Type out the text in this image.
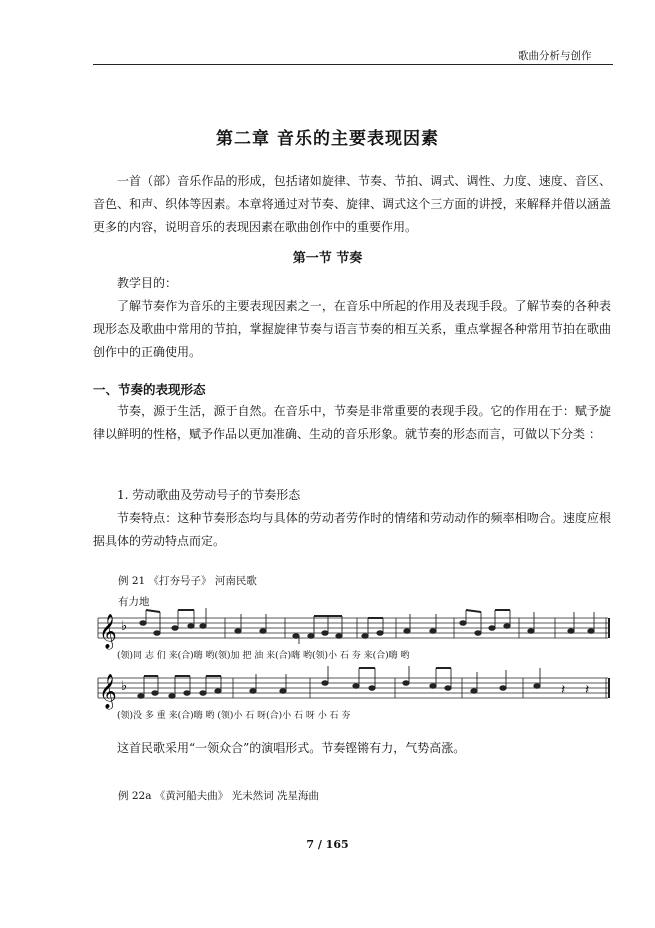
歌曲分析与创作
第二章 音乐的主要表现因素
一首（部）音乐作品的形成，包括诸如旋律、节奏、节拍、调式、调性、力度、速度、音区、音色、和声、织体等因素。本章将通过对节奏、旋律、调式这个三方面的讲授，来解释并借以涵盖更多的内容，说明音乐的表现因素在歌曲创作中的重要作用。
第一节 节奏
教学目的：
了解节奏作为音乐的主要表现因素之一，在音乐中所起的作用及表现手段。了解节奏的各种表现形态及歌曲中常用的节拍，掌握旋律节奏与语言节奏的相互关系，重点掌握各种常用节拍在歌曲创作中的正确使用。
一、节奏的表现形态
节奏，源于生活，源于自然。在音乐中，节奏是非常重要的表现手段。它的作用在于：赋予旋律以鲜明的性格，赋予作品以更加准确、生动的音乐形象。就节奏的形态而言，可做以下分类 ：
1. 劳动歌曲及劳动号子的节奏形态
节奏特点：这种节奏形态均与具体的劳动者劳作时的情绪和劳动动作的频率相吻合。速度应根据具体的劳动特点而定。
例 21 《打夯号子》 河南民歌
有力地
𝄞 ♭
(领)同 志 们 来(合)嗨 哟(领)加 把 油 来(合)嗨 哟(领)小 石 夯 来(合)嗨 哟
𝄞 ♭	𝄽 𝄽
(领)没 多 重 来(合)嗨 哟 (领)小 石 呀(合)小 石 呀 小 石 夯
这首民歌采用“一领众合”的演唱形式。节奏铿锵有力，气势高涨。
例 22a 《黄河船夫曲》 光未然词 冼星海曲
7 / 165
